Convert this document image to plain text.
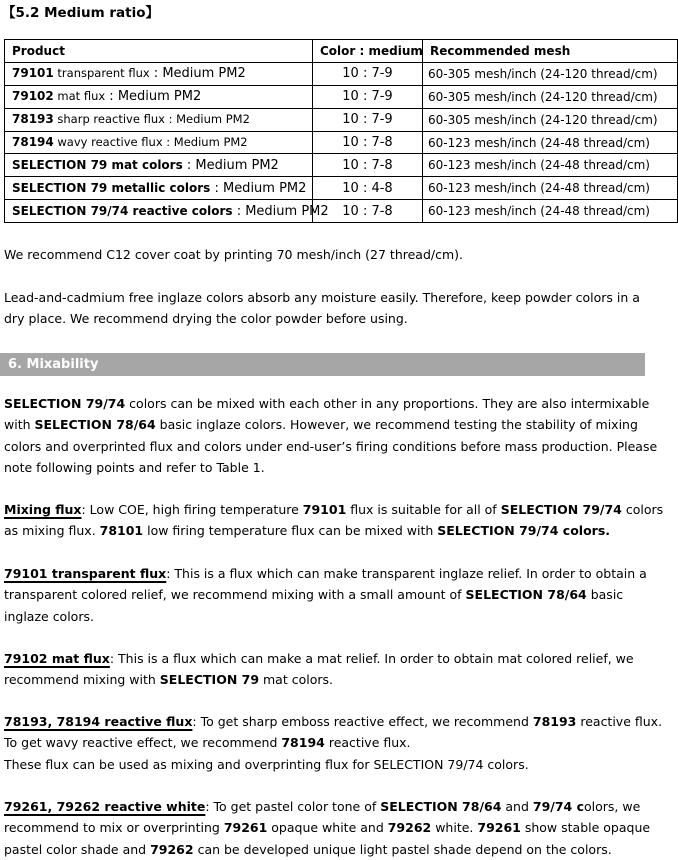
【5.2 Medium ratio】
Product	Color : medium	Recommended mesh
79101 transparent flux : Medium PM2	10 : 7-9	60-305 mesh/inch (24-120 thread/cm)
79102 mat flux : Medium PM2	10 : 7-9	60-305 mesh/inch (24-120 thread/cm)
78193 sharp reactive flux : Medium PM2	10 : 7-9	60-305 mesh/inch (24-120 thread/cm)
78194 wavy reactive flux : Medium PM2	10 : 7-8	60-123 mesh/inch (24-48 thread/cm)
SELECTION 79 mat colors : Medium PM2	10 : 7-8	60-123 mesh/inch (24-48 thread/cm)
SELECTION 79 metallic colors : Medium PM2	10 : 4-8	60-123 mesh/inch (24-48 thread/cm)
SELECTION 79/74 reactive colors : Medium PM2	10 : 7-8	60-123 mesh/inch (24-48 thread/cm)
We recommend C12 cover coat by printing 70 mesh/inch (27 thread/cm).
Lead-and-cadmium free inglaze colors absorb any moisture easily. Therefore, keep powder colors in a dry place. We recommend drying the color powder before using.
6. Mixability
SELECTION 79/74 colors can be mixed with each other in any proportions. They are also intermixable with SELECTION 78/64 basic inglaze colors. However, we recommend testing the stability of mixing colors and overprinted flux and colors under end-user’s firing conditions before mass production. Please note following points and refer to Table 1.
Mixing flux: Low COE, high firing temperature 79101 flux is suitable for all of SELECTION 79/74 colors as mixing flux. 78101 low firing temperature flux can be mixed with SELECTION 79/74 colors.
79101 transparent flux: This is a flux which can make transparent inglaze relief. In order to obtain a transparent colored relief, we recommend mixing with a small amount of SELECTION 78/64 basic inglaze colors.
79102 mat flux: This is a flux which can make a mat relief. In order to obtain mat colored relief, we recommend mixing with SELECTION 79 mat colors.
78193, 78194 reactive flux: To get sharp emboss reactive effect, we recommend 78193 reactive flux. To get wavy reactive effect, we recommend 78194 reactive flux.
These flux can be used as mixing and overprinting flux for SELECTION 79/74 colors.
79261, 79262 reactive white: To get pastel color tone of SELECTION 78/64 and 79/74 colors, we recommend to mix or overprinting 79261 opaque white and 79262 white. 79261 show stable opaque pastel color shade and 79262 can be developed unique light pastel shade depend on the colors.
